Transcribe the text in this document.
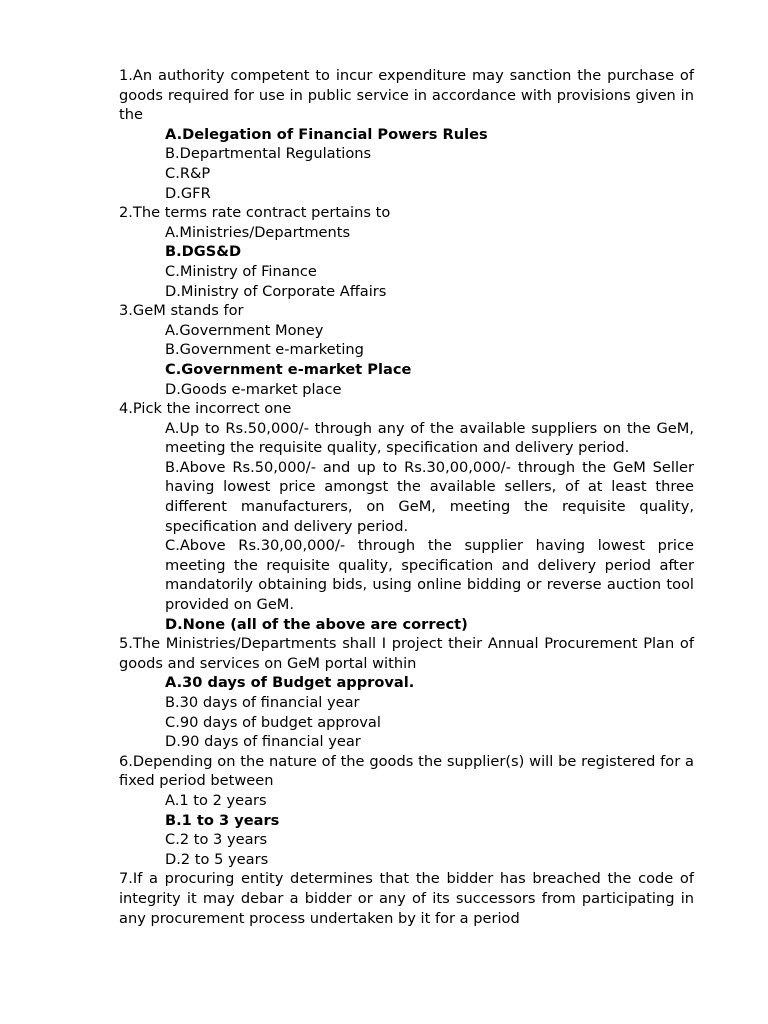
1.An authority competent to incur expenditure may sanction the purchase of goods required for use in public service in accordance with provisions given in the

A.Delegation of Financial Powers Rules
B.Departmental Regulations
C.R&P
D.GFR

2.The terms rate contract pertains to

A.Ministries/Departments
B.DGS&D
C.Ministry of Finance
D.Ministry of Corporate Affairs

3.GeM stands for

A.Government Money
B.Government e-marketing
C.Government e-market Place
D.Goods e-market place

4.Pick the incorrect one

A.Up to Rs.50,000/- through any of the available suppliers on the GeM, meeting the requisite quality, specification and delivery period.
B.Above Rs.50,000/- and up to Rs.30,00,000/- through the GeM Seller having lowest price amongst the available sellers, of at least three different manufacturers, on GeM, meeting the requisite quality, specification and delivery period.
C.Above Rs.30,00,000/- through the supplier having lowest price meeting the requisite quality, specification and delivery period after mandatorily obtaining bids, using online bidding or reverse auction tool provided on GeM.
D.None (all of the above are correct)

5.The Ministries/Departments shall I project their Annual Procurement Plan of goods and services on GeM portal within

A.30 days of Budget approval.
B.30 days of financial year
C.90 days of budget approval
D.90 days of financial year

6.Depending on the nature of the goods the supplier(s) will be registered for a fixed period between

A.1 to 2 years
B.1 to 3 years
C.2 to 3 years
D.2 to 5 years

7.If a procuring entity determines that the bidder has breached the code of integrity it may debar a bidder or any of its successors from participating in any procurement process undertaken by it for a period
